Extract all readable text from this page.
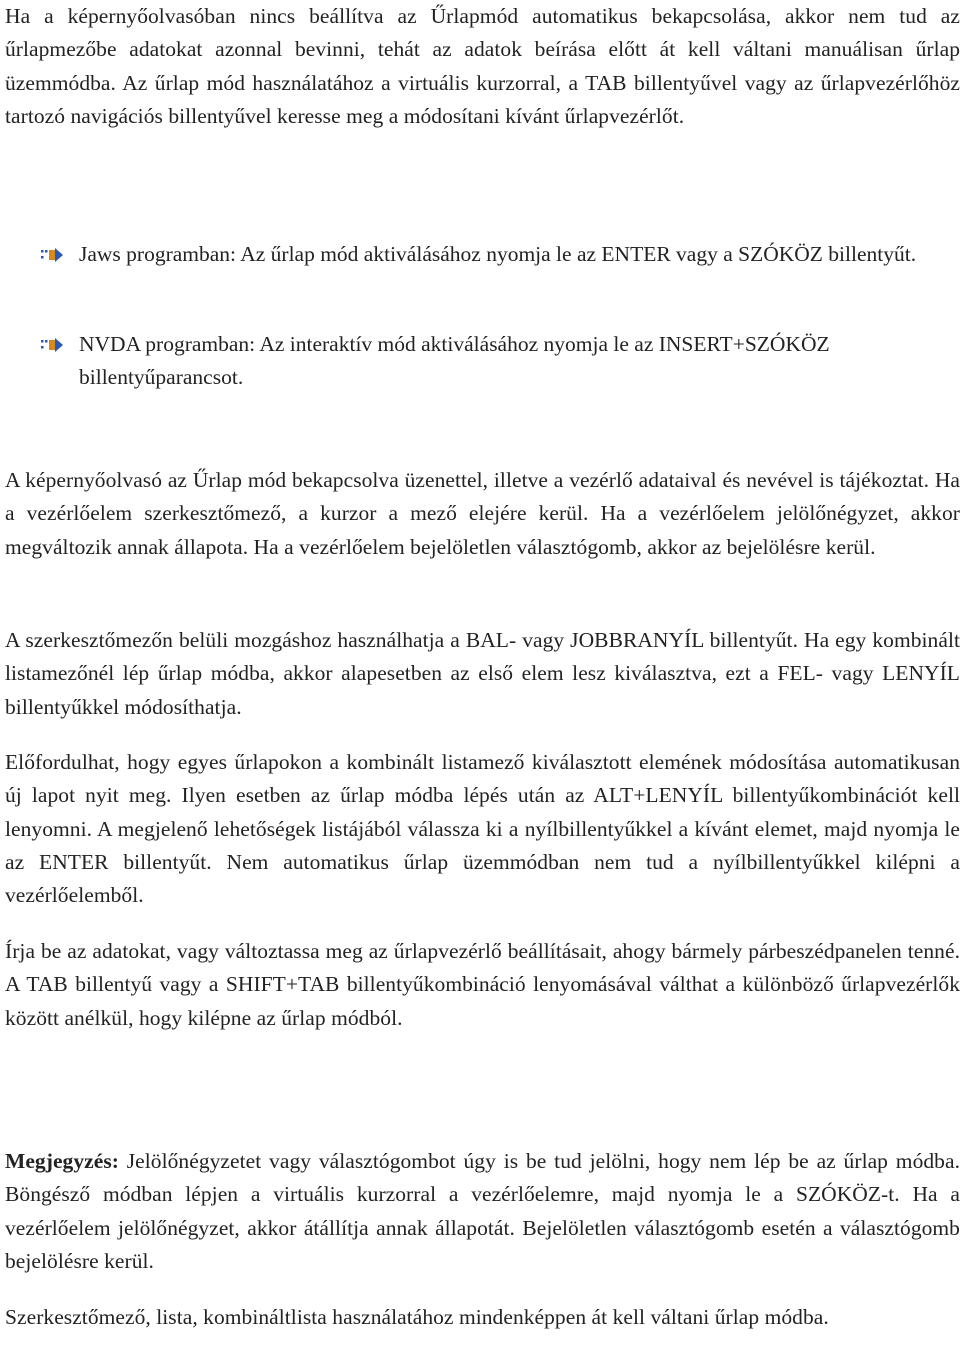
Ha a képernyőolvasóban nincs beállítva az Űrlapmód automatikus bekapcsolása, akkor nem tud az űrlapmezőbe adatokat azonnal bevinni, tehát az adatok beírása előtt át kell váltani manuálisan űrlap üzemmódba. Az űrlap mód használatához a virtuális kurzorral, a TAB billentyűvel vagy az űrlapvezérlőhöz tartozó navigációs billentyűvel keresse meg a módosítani kívánt űrlapvezérlőt.

Jaws programban: Az űrlap mód aktiválásához nyomja le az ENTER vagy a SZÓKÖZ billentyűt.

NVDA programban: Az interaktív mód aktiválásához nyomja le az INSERT+SZÓKÖZ billentyűparancsot.

A képernyőolvasó az Űrlap mód bekapcsolva üzenettel, illetve a vezérlő adataival és nevével is tájékoztat. Ha a vezérlőelem szerkesztőmező, a kurzor a mező elejére kerül. Ha a vezérlőelem jelölőnégyzet, akkor megváltozik annak állapota. Ha a vezérlőelem bejelöletlen választógomb, akkor az bejelölésre kerül.

A szerkesztőmezőn belüli mozgáshoz használhatja a BAL- vagy JOBBRANYÍL billentyűt. Ha egy kombinált listamezőnél lép űrlap módba, akkor alapesetben az első elem lesz kiválasztva, ezt a FEL- vagy LENYÍL billentyűkkel módosíthatja.

Előfordulhat, hogy egyes űrlapokon a kombinált listamező kiválasztott elemének módosítása automatikusan új lapot nyit meg. Ilyen esetben az űrlap módba lépés után az ALT+LENYÍL billentyűkombinációt kell lenyomni. A megjelenő lehetőségek listájából válassza ki a nyílbillentyűkkel a kívánt elemet, majd nyomja le az ENTER billentyűt. Nem automatikus űrlap üzemmódban nem tud a nyílbillentyűkkel kilépni a vezérlőelemből.

Írja be az adatokat, vagy változtassa meg az űrlapvezérlő beállításait, ahogy bármely párbeszédpanelen tenné. A TAB billentyű vagy a SHIFT+TAB billentyűkombináció lenyomásával válthat a különböző űrlapvezérlők között anélkül, hogy kilépne az űrlap módból.

Megjegyzés: Jelölőnégyzetet vagy választógombot úgy is be tud jelölni, hogy nem lép be az űrlap módba. Böngésző módban lépjen a virtuális kurzorral a vezérlőelemre, majd nyomja le a SZÓKÖZ-t. Ha a vezérlőelem jelölőnégyzet, akkor átállítja annak állapotát. Bejelöletlen választógomb esetén a választógomb bejelölésre kerül.

Szerkesztőmező, lista, kombináltlista használatához mindenképpen át kell váltani űrlap módba.
